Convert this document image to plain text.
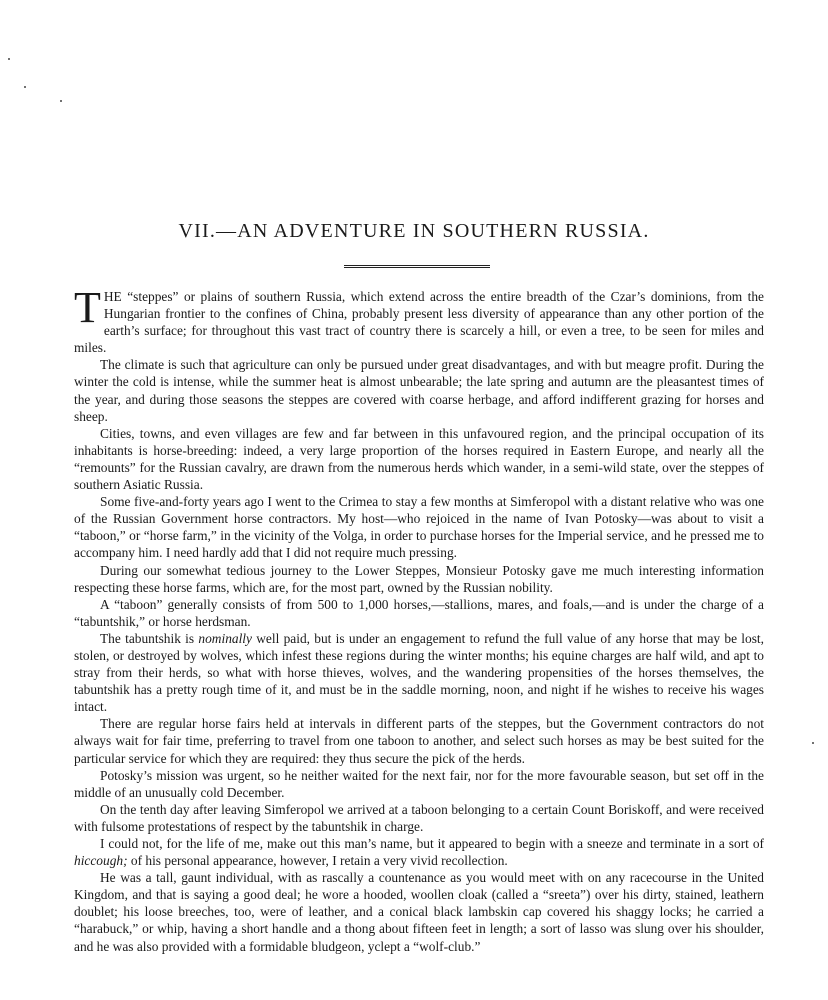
VII.—AN ADVENTURE IN SOUTHERN RUSSIA.

THE “steppes” or plains of southern Russia, which extend across the entire breadth of the Czar’s dominions, from the Hungarian frontier to the confines of China, probably present less diversity of appearance than any other portion of the earth’s surface; for throughout this vast tract of country there is scarcely a hill, or even a tree, to be seen for miles and miles.

The climate is such that agriculture can only be pursued under great disadvantages, and with but meagre profit. During the winter the cold is intense, while the summer heat is almost unbearable; the late spring and autumn are the pleasantest times of the year, and during those seasons the steppes are covered with coarse herbage, and afford indifferent grazing for horses and sheep.

Cities, towns, and even villages are few and far between in this unfavoured region, and the principal occupation of its inhabitants is horse-breeding: indeed, a very large proportion of the horses required in Eastern Europe, and nearly all the “remounts” for the Russian cavalry, are drawn from the numerous herds which wander, in a semi-wild state, over the steppes of southern Asiatic Russia.

Some five-and-forty years ago I went to the Crimea to stay a few months at Simferopol with a distant relative who was one of the Russian Government horse contractors. My host—who rejoiced in the name of Ivan Potosky—was about to visit a “taboon,” or “horse farm,” in the vicinity of the Volga, in order to purchase horses for the Imperial service, and he pressed me to accompany him. I need hardly add that I did not require much pressing.

During our somewhat tedious journey to the Lower Steppes, Monsieur Potosky gave me much interesting information respecting these horse farms, which are, for the most part, owned by the Russian nobility.

A “taboon” generally consists of from 500 to 1,000 horses,—stallions, mares, and foals,—and is under the charge of a “tabuntshik,” or horse herdsman.

The tabuntshik is nominally well paid, but is under an engagement to refund the full value of any horse that may be lost, stolen, or destroyed by wolves, which infest these regions during the winter months; his equine charges are half wild, and apt to stray from their herds, so what with horse thieves, wolves, and the wandering propensities of the horses themselves, the tabuntshik has a pretty rough time of it, and must be in the saddle morning, noon, and night if he wishes to receive his wages intact.

There are regular horse fairs held at intervals in different parts of the steppes, but the Government contractors do not always wait for fair time, preferring to travel from one taboon to another, and select such horses as may be best suited for the particular service for which they are required: they thus secure the pick of the herds.

Potosky’s mission was urgent, so he neither waited for the next fair, nor for the more favourable season, but set off in the middle of an unusually cold December.

On the tenth day after leaving Simferopol we arrived at a taboon belonging to a certain Count Boriskoff, and were received with fulsome protestations of respect by the tabuntshik in charge.

I could not, for the life of me, make out this man’s name, but it appeared to begin with a sneeze and terminate in a sort of hiccough; of his personal appearance, however, I retain a very vivid recollection.

He was a tall, gaunt individual, with as rascally a countenance as you would meet with on any racecourse in the United Kingdom, and that is saying a good deal; he wore a hooded, woollen cloak (called a “sreeta”) over his dirty, stained, leathern doublet; his loose breeches, too, were of leather, and a conical black lambskin cap covered his shaggy locks; he carried a “harabuck,” or whip, having a short handle and a thong about fifteen feet in length; a sort of lasso was slung over his shoulder, and he was also provided with a formidable bludgeon, yclept a “wolf-club.”
